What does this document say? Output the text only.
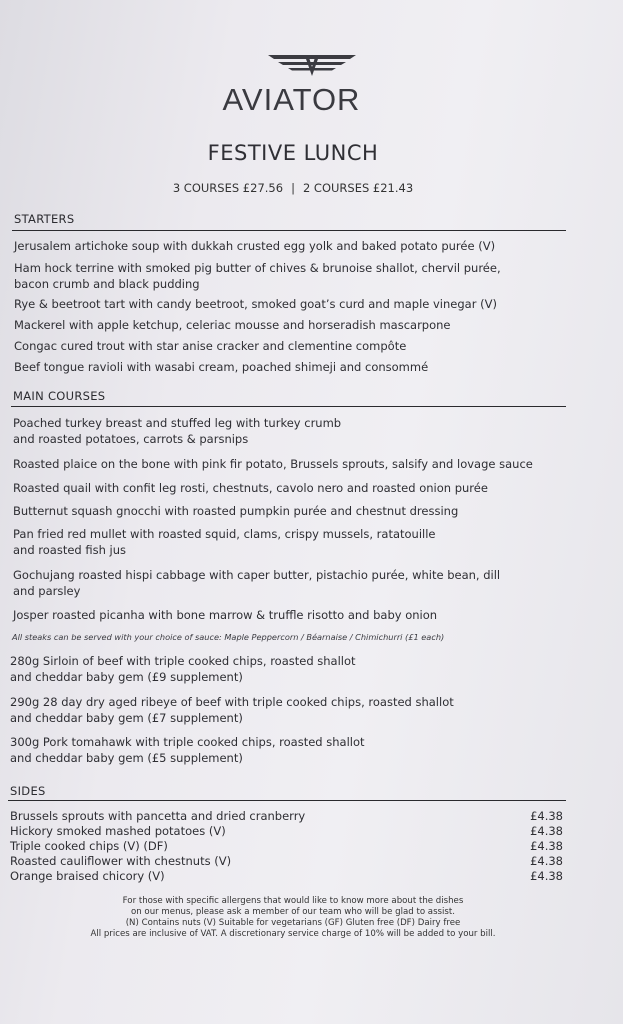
AVIATOR
FESTIVE LUNCH
3 COURSES £27.56 | 2 COURSES £21.43
STARTERS
Jerusalem artichoke soup with dukkah crusted egg yolk and baked potato purée (V)
Ham hock terrine with smoked pig butter of chives & brunoise shallot, chervil purée,
bacon crumb and black pudding
Rye & beetroot tart with candy beetroot, smoked goat’s curd and maple vinegar (V)
Mackerel with apple ketchup, celeriac mousse and horseradish mascarpone
Congac cured trout with star anise cracker and clementine compôte
Beef tongue ravioli with wasabi cream, poached shimeji and consommé
MAIN COURSES
Poached turkey breast and stuffed leg with turkey crumb
and roasted potatoes, carrots & parsnips
Roasted plaice on the bone with pink fir potato, Brussels sprouts, salsify and lovage sauce
Roasted quail with confit leg rosti, chestnuts, cavolo nero and roasted onion purée
Butternut squash gnocchi with roasted pumpkin purée and chestnut dressing
Pan fried red mullet with roasted squid, clams, crispy mussels, ratatouille
and roasted fish jus
Gochujang roasted hispi cabbage with caper butter, pistachio purée, white bean, dill
and parsley
Josper roasted picanha with bone marrow & truffle risotto and baby onion
All steaks can be served with your choice of sauce: Maple Peppercorn / Béarnaise / Chimichurri (£1 each)
280g Sirloin of beef with triple cooked chips, roasted shallot
and cheddar baby gem (£9 supplement)
290g 28 day dry aged ribeye of beef with triple cooked chips, roasted shallot
and cheddar baby gem (£7 supplement)
300g Pork tomahawk with triple cooked chips, roasted shallot
and cheddar baby gem (£5 supplement)
SIDES
Brussels sprouts with pancetta and dried cranberry	£4.38
Hickory smoked mashed potatoes (V)	£4.38
Triple cooked chips (V) (DF)	£4.38
Roasted cauliflower with chestnuts (V)	£4.38
Orange braised chicory (V)	£4.38
For those with specific allergens that would like to know more about the dishes
on our menus, please ask a member of our team who will be glad to assist.
(N) Contains nuts (V) Suitable for vegetarians (GF) Gluten free (DF) Dairy free
All prices are inclusive of VAT. A discretionary service charge of 10% will be added to your bill.
